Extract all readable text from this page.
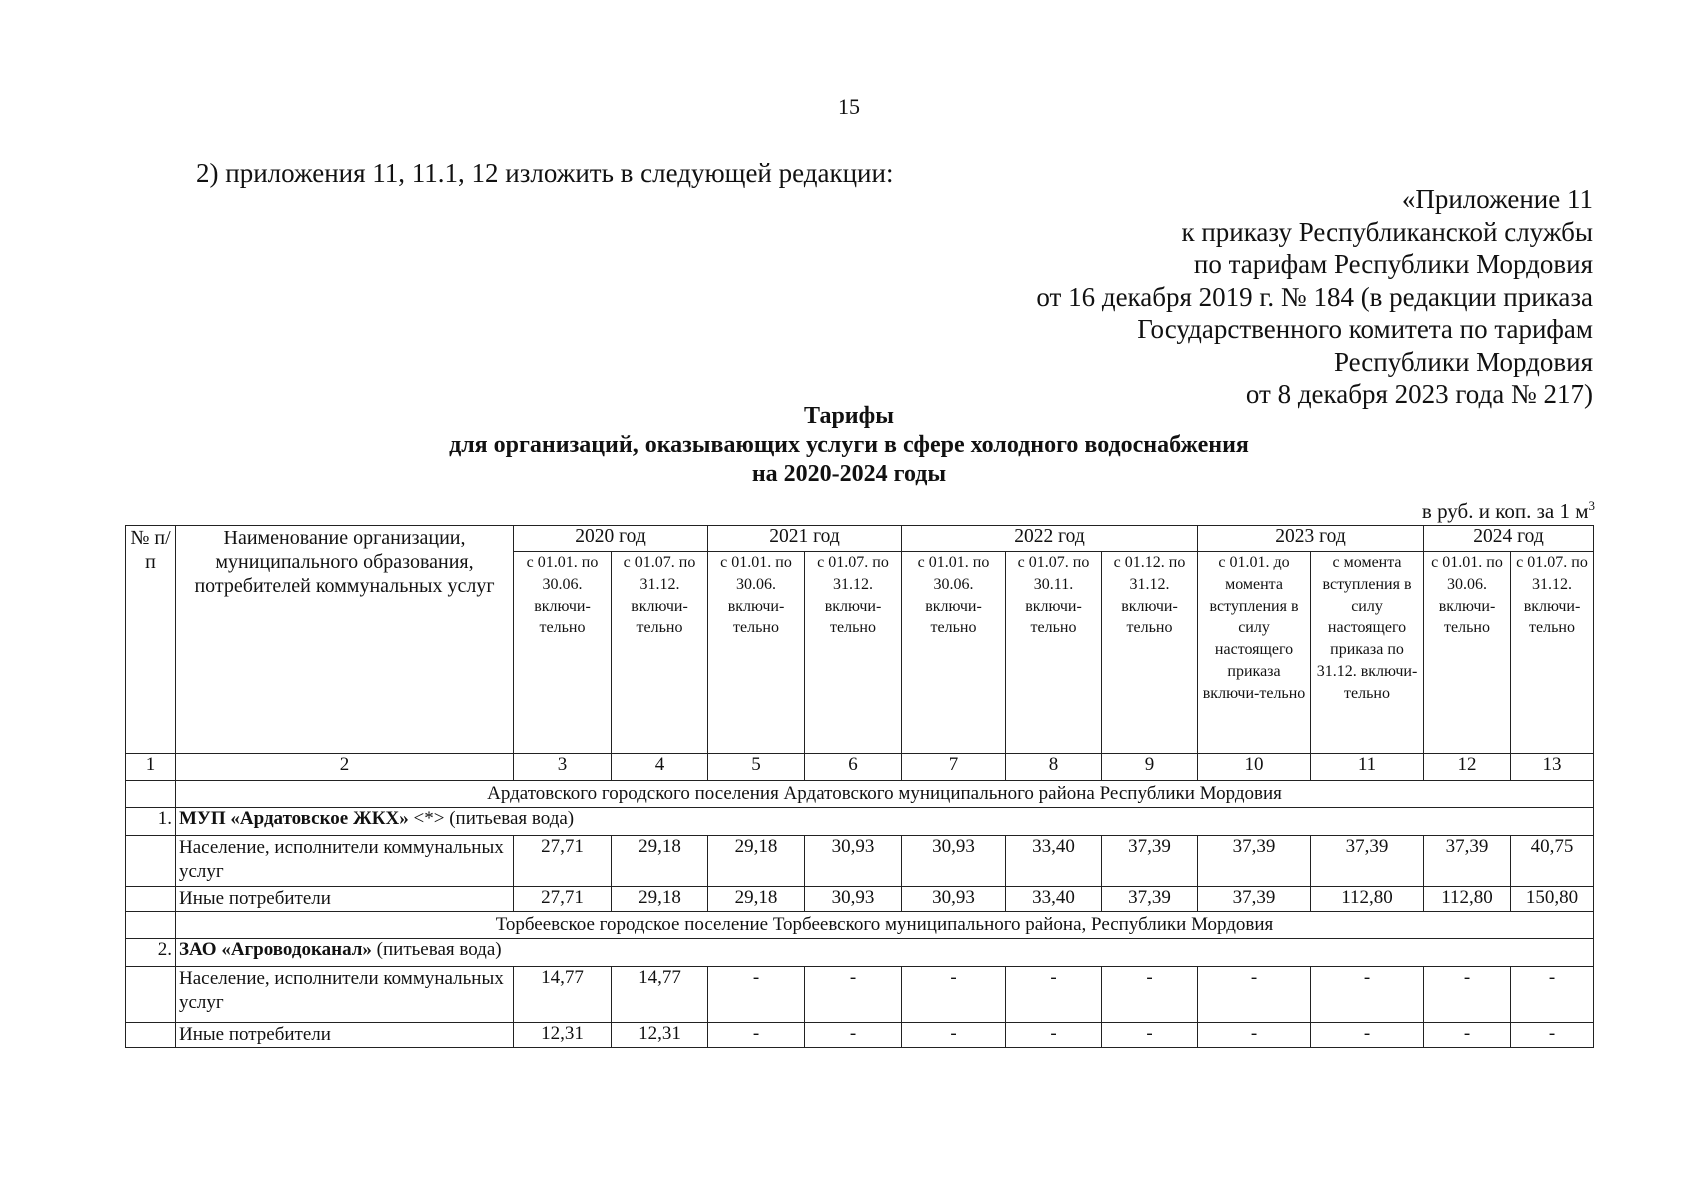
15
2) приложения 11, 11.1, 12 изложить в следующей редакции:
«Приложение 11
к приказу Республиканской службы
по тарифам Республики Мордовия
от 16 декабря 2019 г. № 184 (в редакции приказа
Государственного комитета по тарифам
Республики Мордовия
от 8 декабря 2023 года № 217)
Тарифы
для организаций, оказывающих услуги в сфере холодного водоснабжения
на 2020-2024 годы
в руб. и коп. за 1 $м^3$
№ п/п	Наименование организации, муниципального образования, потребителей коммунальных услуг	2020 год		2021 год		2022 год			2023 год		2024 год	
		с 01.01. по 30.06. включи-тельно	с 01.07. по 31.12. включи-тельно	с 01.01. по 30.06. включи-тельно	с 01.07. по 31.12. включи-тельно	с 01.01. по 30.06. включи-тельно	с 01.07. по 30.11. включи-тельно	с 01.12. по 31.12. включи-тельно	с 01.01. до момента вступления в силу настоящего приказа включи-тельно	с момента вступления в силу настоящего приказа по 31.12. включи-тельно	с 01.01. по 30.06. включи-тельно	с 01.07. по 31.12. включи-тельно
1	2	3	4	5	6	7	8	9	10	11	12	13
	Ардатовского городского поселения Ардатовского муниципального района Республики Мордовия											
1.	МУП «Ардатовское ЖКХ» <*> (питьевая вода)											
	Население, исполнители коммунальных услуг	27,71	29,18	29,18	30,93	30,93	33,40	37,39	37,39	37,39	37,39	40,75
	Иные потребители	27,71	29,18	29,18	30,93	30,93	33,40	37,39	37,39	112,80	112,80	150,80
	Торбеевское городское поселение Торбеевского муниципального района, Республики Мордовия											
2.	ЗАО «Агроводоканал» (питьевая вода)											
	Население, исполнители коммунальных услуг	14,77	14,77	-	-	-	-	-	-	-	-	-
	Иные потребители	12,31	12,31	-	-	-	-	-	-	-	-	-
